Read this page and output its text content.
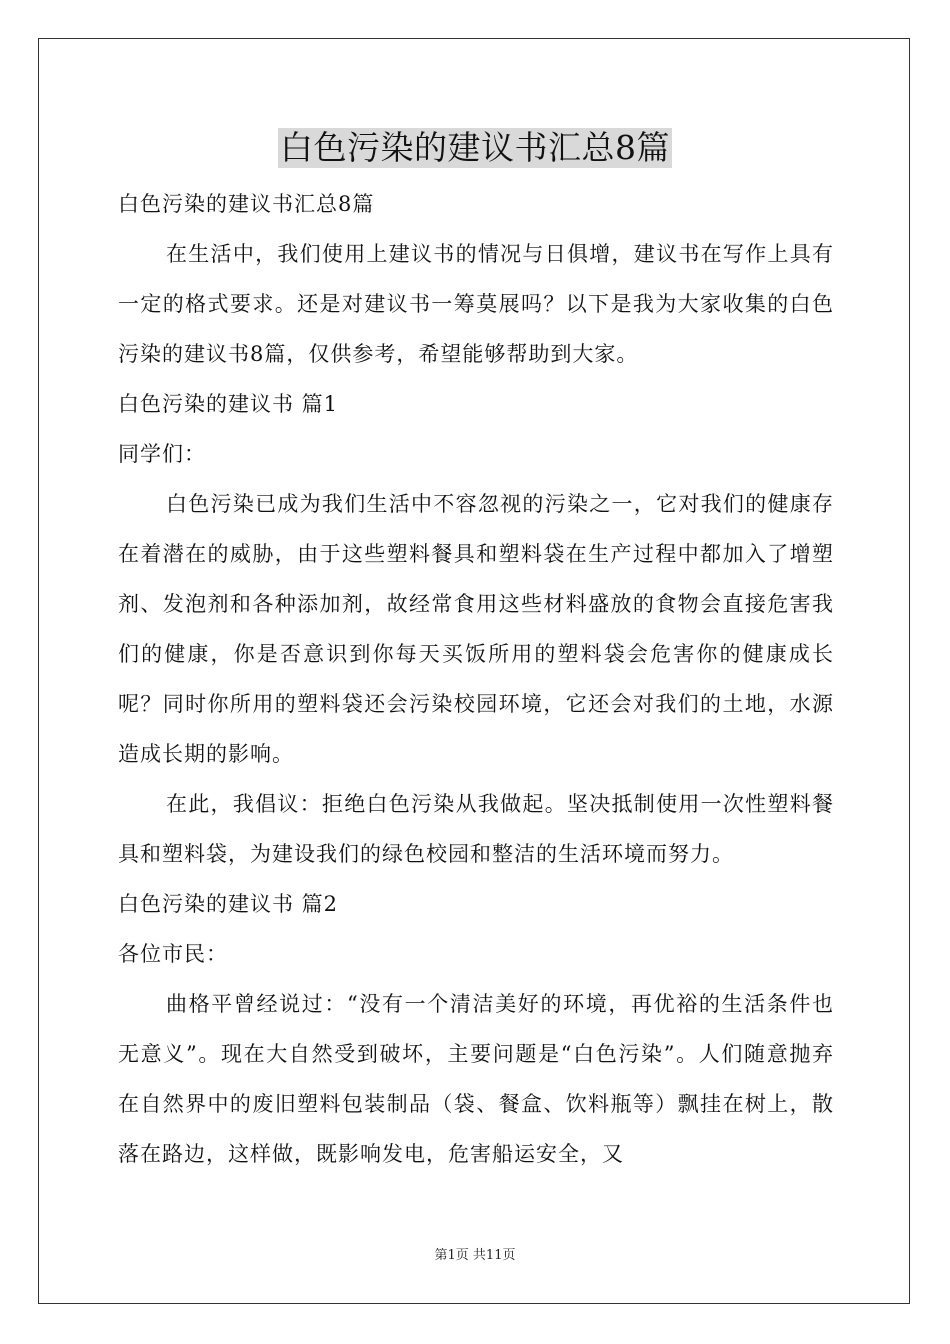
白色污染的建议书汇总8篇

白色污染的建议书汇总8篇

在生活中，我们使用上建议书的情况与日俱增，建议书在写作上具有一定的格式要求。还是对建议书一筹莫展吗？以下是我为大家收集的白色污染的建议书8篇，仅供参考，希望能够帮助到大家。

白色污染的建议书 篇1

同学们：

白色污染已成为我们生活中不容忽视的污染之一，它对我们的健康存在着潜在的威胁，由于这些塑料餐具和塑料袋在生产过程中都加入了增塑剂、发泡剂和各种添加剂，故经常食用这些材料盛放的食物会直接危害我们的健康，你是否意识到你每天买饭所用的塑料袋会危害你的健康成长呢？同时你所用的塑料袋还会污染校园环境，它还会对我们的土地，水源造成长期的影响。

在此，我倡议：拒绝白色污染从我做起。坚决抵制使用一次性塑料餐具和塑料袋，为建设我们的绿色校园和整洁的生活环境而努力。

白色污染的建议书 篇2

各位市民：

曲格平曾经说过：“没有一个清洁美好的环境，再优裕的生活条件也无意义”。现在大自然受到破坏，主要问题是“白色污染”。人们随意抛弃在自然界中的废旧塑料包装制品（袋、餐盒、饮料瓶等）飘挂在树上，散落在路边，这样做，既影响发电，危害船运安全，又

第1页 共11页
